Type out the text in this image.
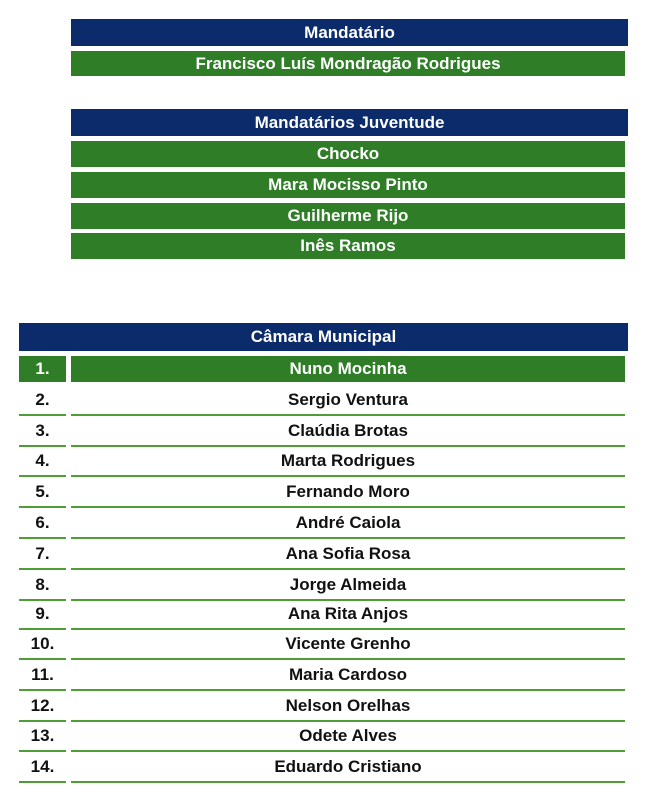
Mandatário
Francisco Luís Mondragão Rodrigues
Mandatários Juventude
Chocko
Mara Mocisso Pinto
Guilherme Rijo
Inês Ramos
Câmara Municipal
1.	Nuno Mocinha
2.	Sergio Ventura
3.	Claúdia Brotas
4.	Marta Rodrigues
5.	Fernando Moro
6.	André Caiola
7.	Ana Sofia Rosa
8.	Jorge Almeida
9.	Ana Rita Anjos
10.	Vicente Grenho
11.	Maria Cardoso
12.	Nelson Orelhas
13.	Odete Alves
14.	Eduardo Cristiano
